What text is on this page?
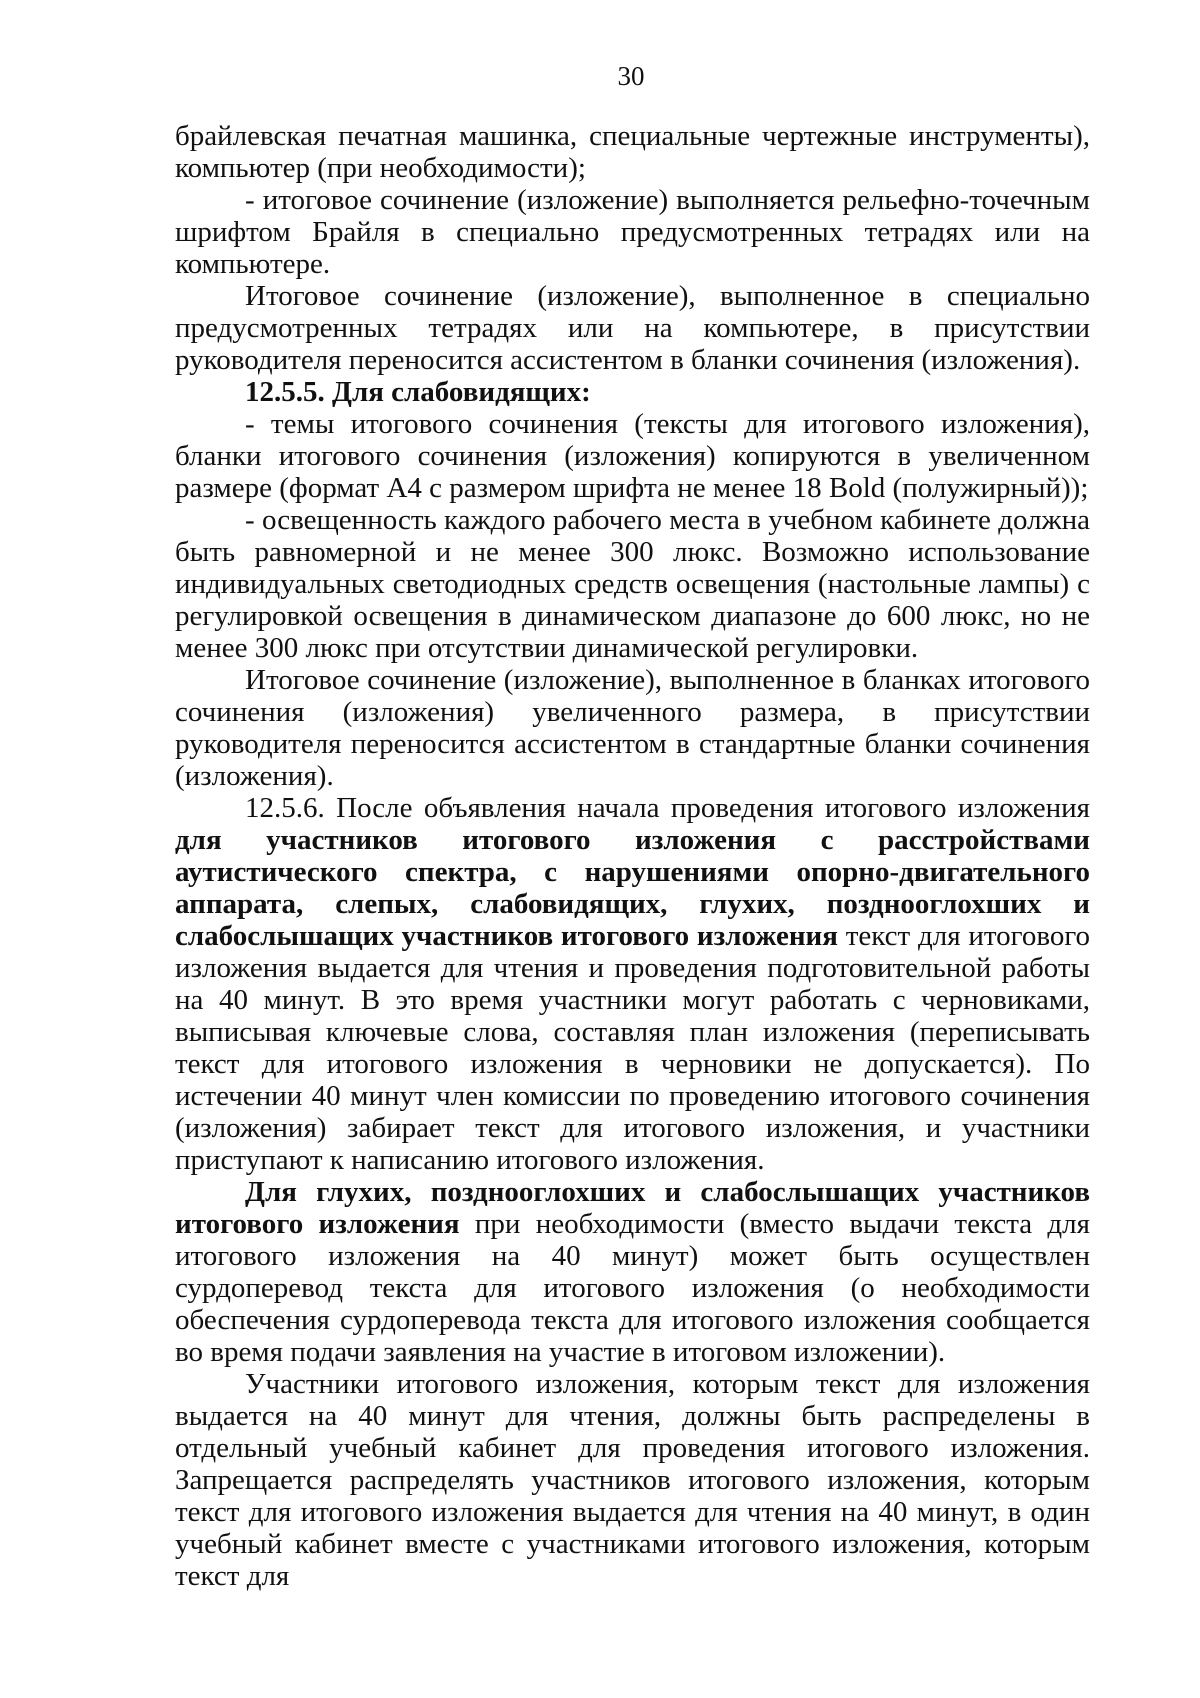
30

брайлевская печатная машинка, специальные чертежные инструменты), компьютер (при необходимости);

- итоговое сочинение (изложение) выполняется рельефно-точечным шрифтом Брайля в специально предусмотренных тетрадях или на компьютере.

Итоговое сочинение (изложение), выполненное в специально предусмотренных тетрадях или на компьютере, в присутствии руководителя переносится ассистентом в бланки сочинения (изложения).

12.5.5. Для слабовидящих:

- темы итогового сочинения (тексты для итогового изложения), бланки итогового сочинения (изложения) копируются в увеличенном размере (формат А4 с размером шрифта не менее 18 Bold (полужирный));

- освещенность каждого рабочего места в учебном кабинете должна быть равномерной и не менее 300 люкс. Возможно использование индивидуальных светодиодных средств освещения (настольные лампы) с регулировкой освещения в динамическом диапазоне до 600 люкс, но не менее 300 люкс при отсутствии динамической регулировки.

Итоговое сочинение (изложение), выполненное в бланках итогового сочинения (изложения) увеличенного размера, в присутствии руководителя переносится ассистентом в стандартные бланки сочинения (изложения).

12.5.6. После объявления начала проведения итогового изложения для участников итогового изложения с расстройствами аутистического спектра, с нарушениями опорно-двигательного аппарата, слепых, слабовидящих, глухих, позднооглохших и слабослышащих участников итогового изложения текст для итогового изложения выдается для чтения и проведения подготовительной работы на 40 минут. В это время участники могут работать с черновиками, выписывая ключевые слова, составляя план изложения (переписывать текст для итогового изложения в черновики не допускается). По истечении 40 минут член комиссии по проведению итогового сочинения (изложения) забирает текст для итогового изложения, и участники приступают к написанию итогового изложения.

Для глухих, позднооглохших и слабослышащих участников итогового изложения при необходимости (вместо выдачи текста для итогового изложения на 40 минут) может быть осуществлен сурдоперевод текста для итогового изложения (о необходимости обеспечения сурдоперевода текста для итогового изложения сообщается во время подачи заявления на участие в итоговом изложении).

Участники итогового изложения, которым текст для изложения выдается на 40 минут для чтения, должны быть распределены в отдельный учебный кабинет для проведения итогового изложения. Запрещается распределять участников итогового изложения, которым текст для итогового изложения выдается для чтения на 40 минут, в один учебный кабинет вместе с участниками итогового изложения, которым текст для
